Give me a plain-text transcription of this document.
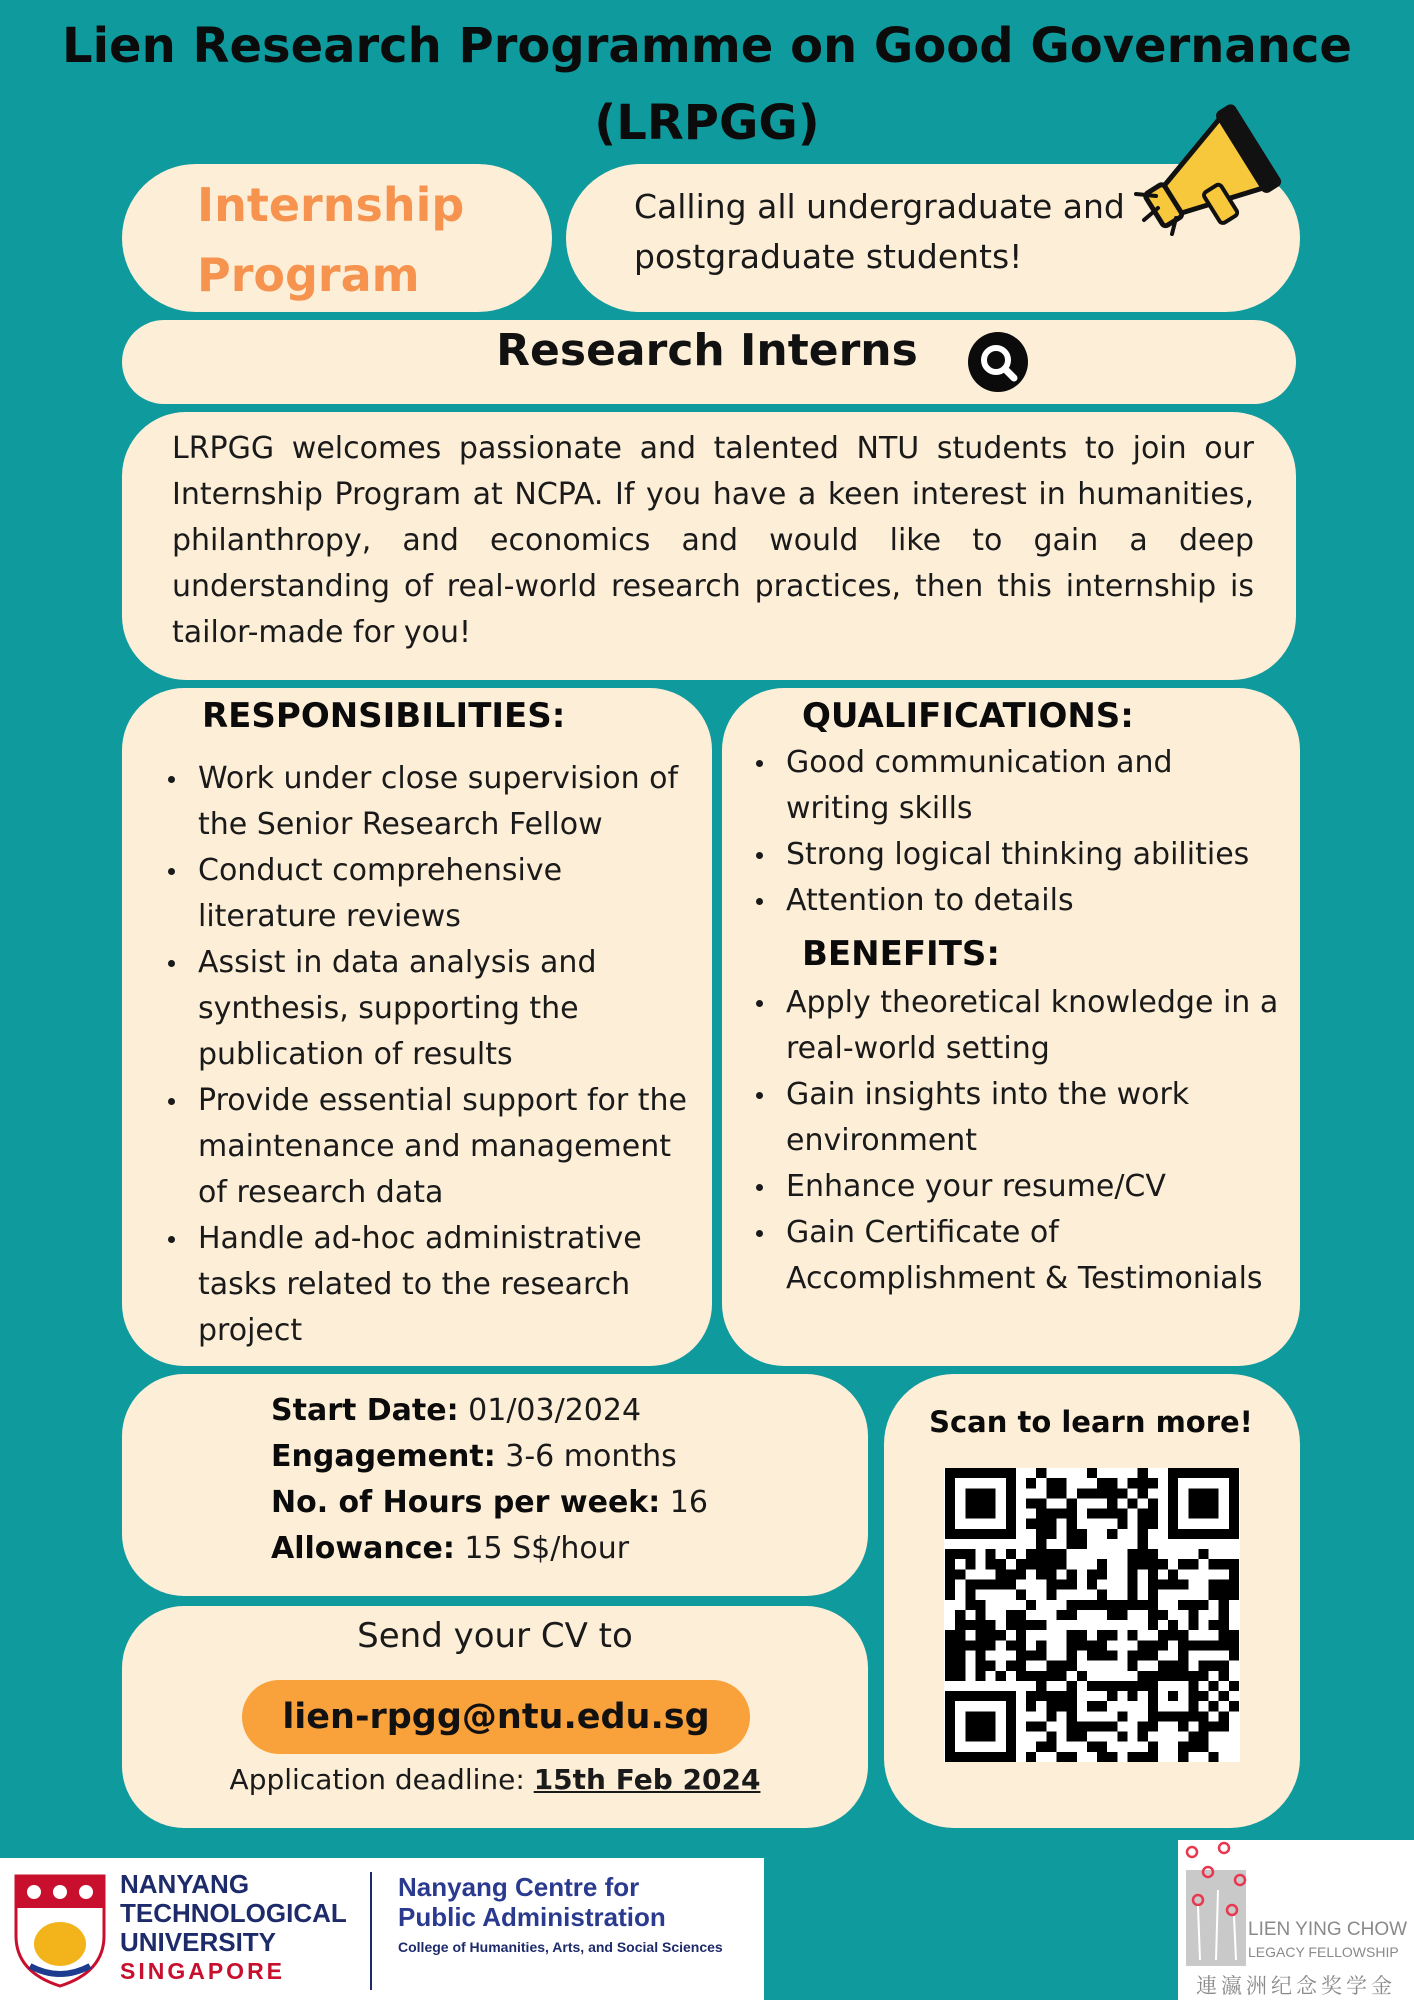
Lien Research Programme on Good Governance
(LRPGG)
Internship
Program
Calling all undergraduate and
postgraduate students!
Research Interns
LRPGG welcomes passionate and talented NTU students to join our Internship Program at NCPA. If you have a keen interest in humanities, philanthropy, and economics and would like to gain a deep understanding of real-world research practices, then this internship is tailor-made for you!
RESPONSIBILITIES:
Work under close supervision of the Senior Research Fellow
Conduct comprehensive literature reviews
Assist in data analysis and synthesis, supporting the publication of results
Provide essential support for the maintenance and management of research data
Handle ad-hoc administrative tasks related to the research project
QUALIFICATIONS:
Good communication and writing skills
Strong logical thinking abilities
Attention to details
BENEFITS:
Apply theoretical knowledge in a real-world setting
Gain insights into the work environment
Enhance your resume/CV
Gain Certificate of Accomplishment & Testimonials
Start Date: 01/03/2024
Engagement: 3-6 months
No. of Hours per week: 16
Allowance: 15 S$/hour
Send your CV to
lien-rpgg@ntu.edu.sg
Application deadline: 15th Feb 2024
Scan to learn more!
NANYANG
TECHNOLOGICAL
UNIVERSITY
SINGAPORE
Nanyang Centre for
Public Administration
College of Humanities, Arts, and Social Sciences
LIEN YING CHOW
LEGACY FELLOWSHIP
連瀛洲纪念奖学金
